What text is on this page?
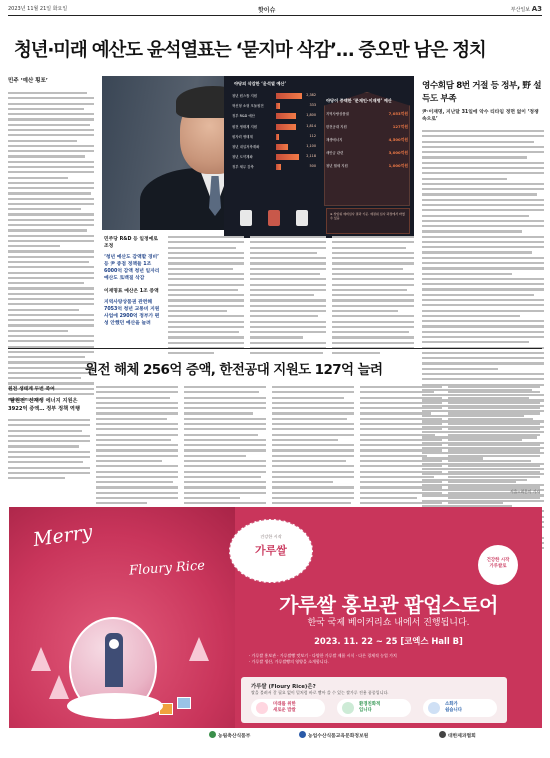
2023년 11월 21일 화요일	핫이슈	부산일보 A3
청년·미래 예산도 윤석열표는 ‘묻지마 삭감’… 증오만 남은 정치
민주 ‘예산 횡포’	야당의 삭감한 ‘윤석열 예산’
야당이 증액한 ‘문재인·이재명’ 예산
청년 원스톱 지원	2,382
혁신형 소형 모듈원전	333
정부 R&D 예산	1,800
원전 생태계 지원	1,814
원자력 생태계	112
청년 내일저축계좌	1,100
청년 도약계좌	2,118
정부 채무 감축	500
지역사랑상품권	7,053억원
한전공대 지원	127억원
재생에너지	4,500억원
새만금 관련	3,000억원
청년 월세 지원	1,000억원
※ 상임위 예비심사 결과 기준. 예결위 심사 과정에서 바뀔 수 있음
영수회담 8번 거절 등 정부, 野 설득도 부족
尹·이재명, 지난달 31일에 악수 티타임 정면 없이 ‘정쟁 속으로’
민주당 R&D 등 일정예로 조정
‘청년 예산도 감액할 경비’ 등 尹 중점 정책들 1조6000억 감액 청년 일자리 예산도 토백질 삭감
이재명표 예산은 1조 증액
지역사랑상품권 관련해 7053억 청년 교통비 지원 사업에 2900억 정부가 편성 안했던 예산을 늘려
원전 해체 256억 증액, 한전공대 지원도 127억 늘려
원전 생태계 두번 죽여
‘탈원전’ 신재생 에너지 지원은 3922억 증액… 정부 정책 역행
서울=최은미 기자
Merry
Floury Rice
건강한 시작
가루쌀
건강한 시작
가루쌀로
가루쌀 홍보관 팝업스토어
한국 국제 베이커리쇼 내에서 진행됩니다.
2023. 11. 22 ~ 25 [코엑스 Hall B]
· 가루쌀 홍보관 · 가루쌀빵 맛보기 · 다양한 가루쌀 제품 시식 · 다른 경제적 농업 가치
· 가루쌀 생산, 가루쌀빵의 영양을 소개합니다.
가루쌀 (Floury Rice)은?
쌀을 불려서 갈 필요 없이 밀처럼 바로 빻아 쓸 수 있는 쌀가루 전용 품종입니다.
미래를 위한
새로운 밥쌀
환경친화적
입니다
소화가
쉽습니다
농림축산식품부	농업수산식품교육문화정보원	대한제과협회
